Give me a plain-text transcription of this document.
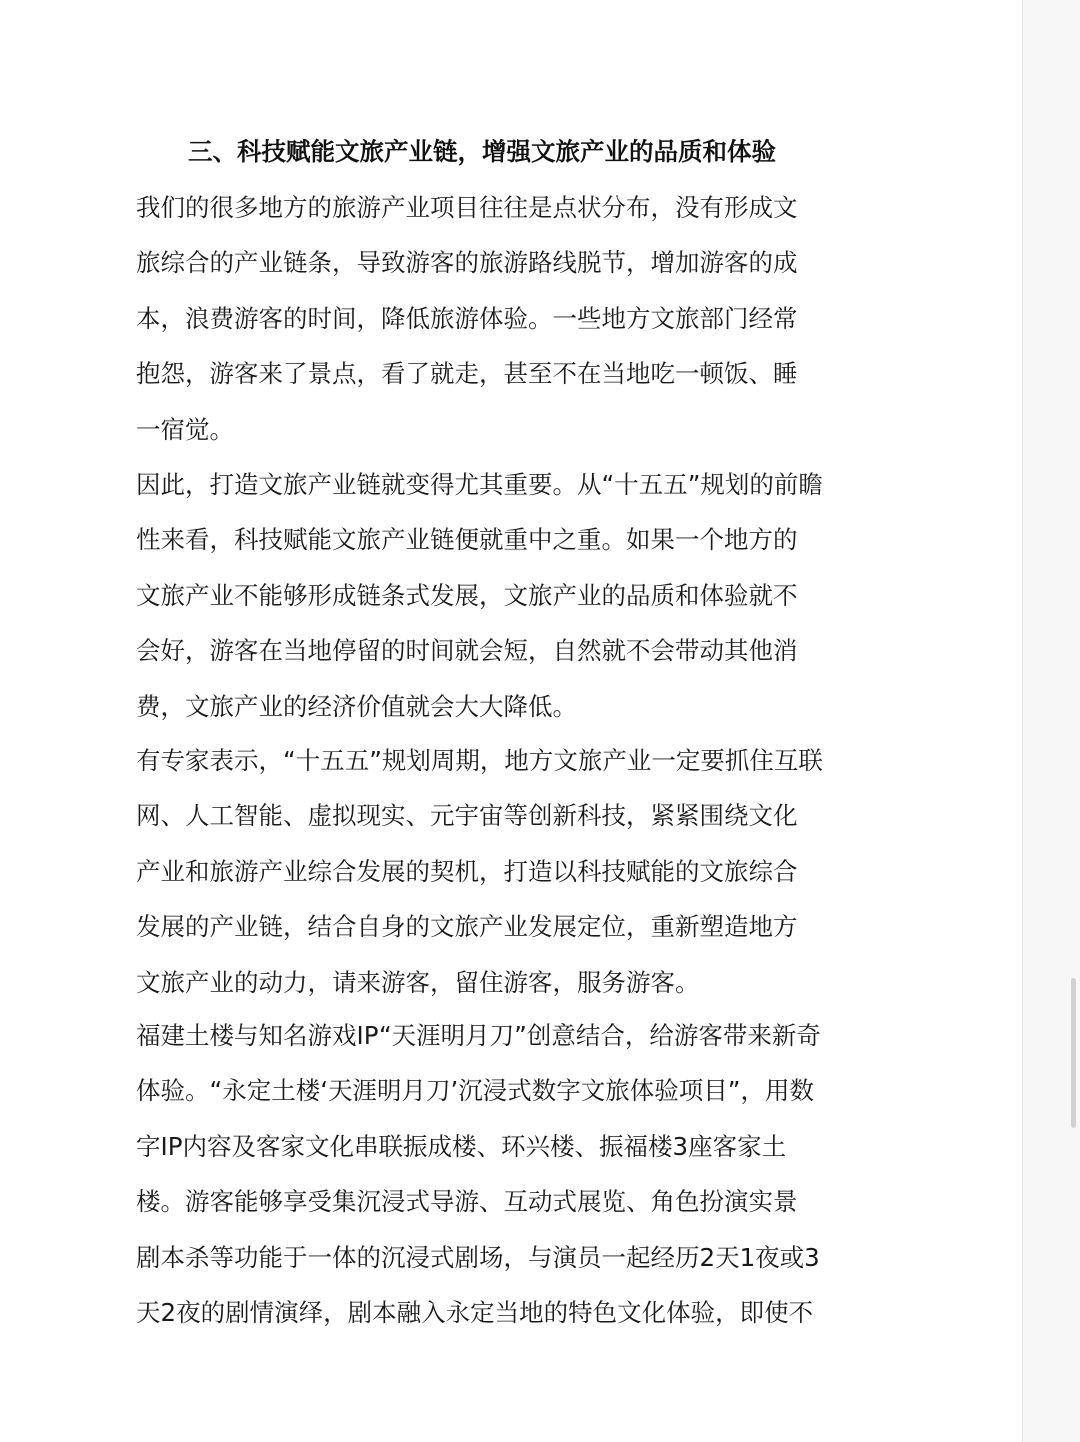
三、科技赋能文旅产业链，增强文旅产业的品质和体验
我们的很多地方的旅游产业项目往往是点状分布，没有形成文
旅综合的产业链条，导致游客的旅游路线脱节，增加游客的成
本，浪费游客的时间，降低旅游体验。一些地方文旅部门经常
抱怨，游客来了景点，看了就走，甚至不在当地吃一顿饭、睡
一宿觉。
因此，打造文旅产业链就变得尤其重要。从“十五五”规划的前瞻
性来看，科技赋能文旅产业链便就重中之重。如果一个地方的
文旅产业不能够形成链条式发展，文旅产业的品质和体验就不
会好，游客在当地停留的时间就会短，自然就不会带动其他消
费，文旅产业的经济价值就会大大降低。
有专家表示，“十五五”规划周期，地方文旅产业一定要抓住互联
网、人工智能、虚拟现实、元宇宙等创新科技，紧紧围绕文化
产业和旅游产业综合发展的契机，打造以科技赋能的文旅综合
发展的产业链，结合自身的文旅产业发展定位，重新塑造地方
文旅产业的动力，请来游客，留住游客，服务游客。
福建土楼与知名游戏IP“天涯明月刀”创意结合，给游客带来新奇
体验。“永定土楼‘天涯明月刀’沉浸式数字文旅体验项目”，用数
字IP内容及客家文化串联振成楼、环兴楼、振福楼3座客家土
楼。游客能够享受集沉浸式导游、互动式展览、角色扮演实景
剧本杀等功能于一体的沉浸式剧场，与演员一起经历2天1夜或3
天2夜的剧情演绎，剧本融入永定当地的特色文化体验，即使不
